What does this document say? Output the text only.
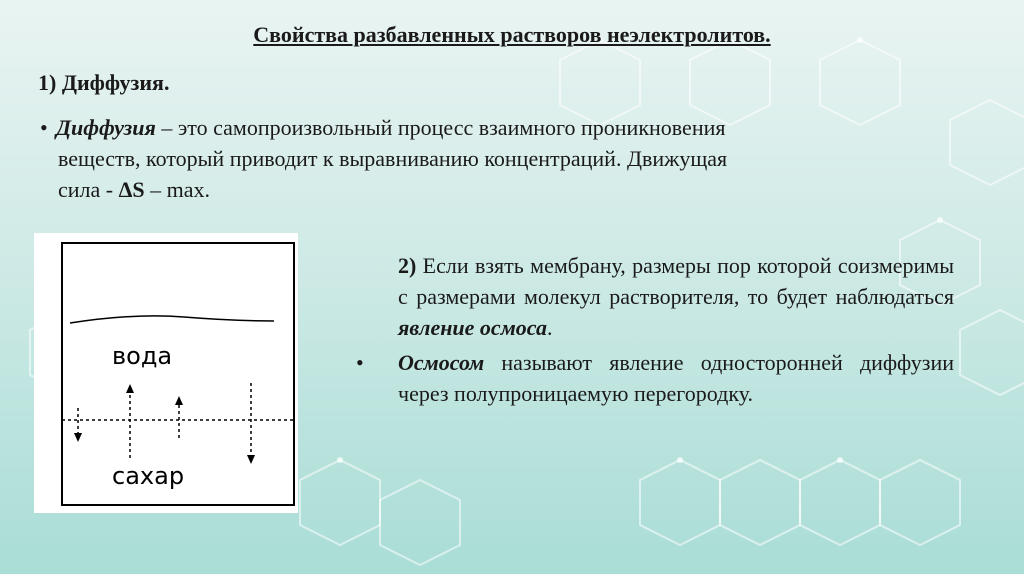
Свойства разбавленных растворов неэлектролитов.
1) Диффузия.
• Диффузия – это самопроизвольный процесс взаимного проникновения
веществ, который приводит к выравниванию концентраций. Движущая
сила - ΔS – max.
вода
сахар

2) Если взять мембрану, размеры пор которой соизмеримы с размерами молекул растворителя, то будет наблюдаться явление осмоса.

• Осмосом называют явление односторонней диффузии через полупроницаемую перегородку.
